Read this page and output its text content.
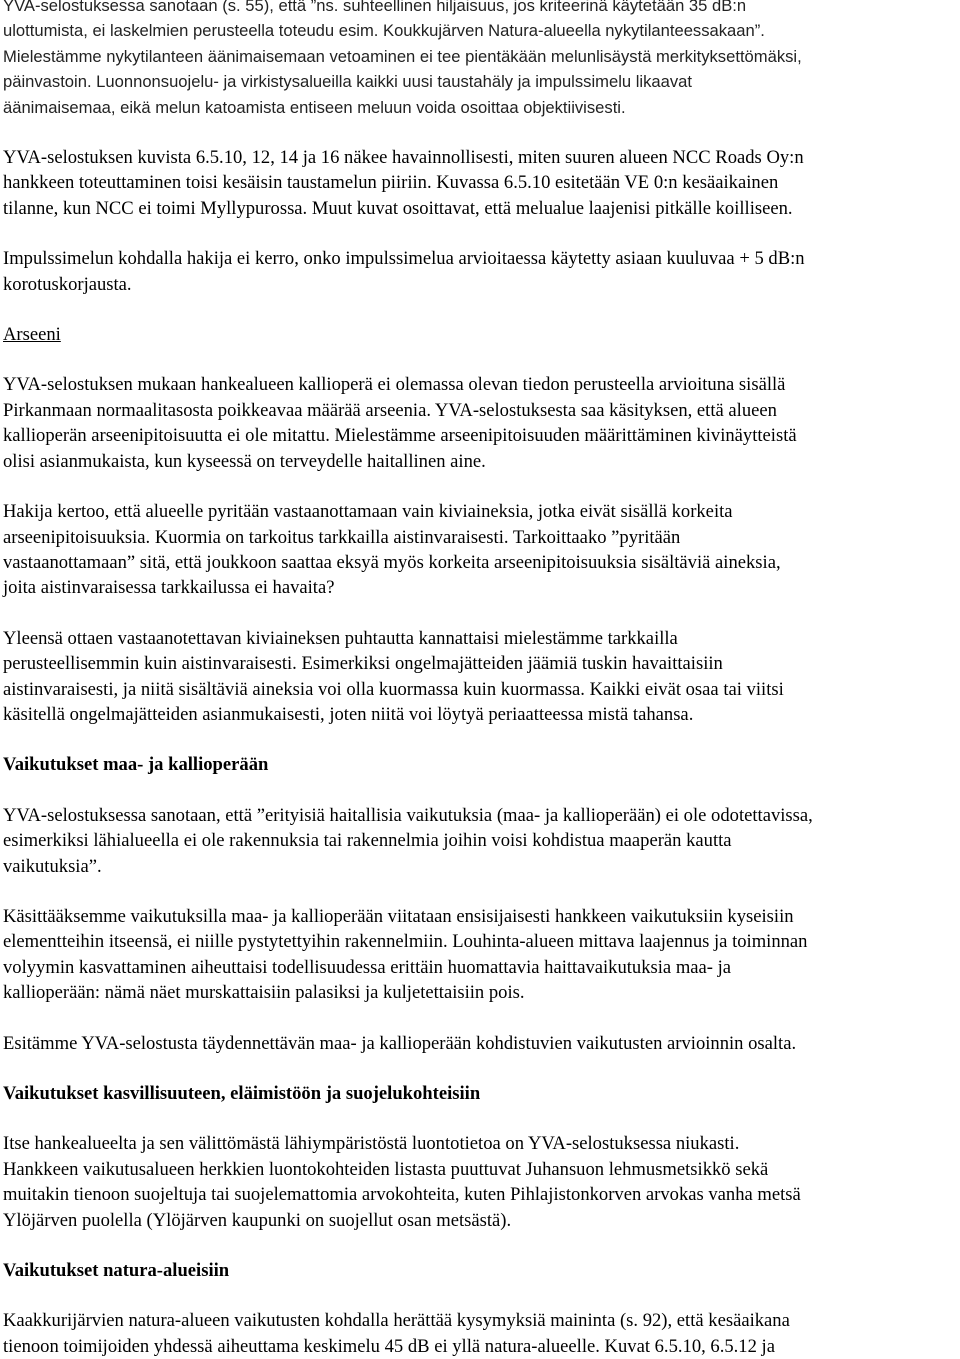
YVA-selostuksessa sanotaan (s. 55), että ”ns. suhteellinen hiljaisuus, jos kriteerinä käytetään 35 dB:n
ulottumista, ei laskelmien perusteella toteudu esim. Koukkujärven Natura-alueella nykytilanteessakaan”.
Mielestämme nykytilanteen äänimaisemaan vetoaminen ei tee pientäkään melunlisäystä merkityksettömäksi,
päinvastoin. Luonnonsuojelu- ja virkistysalueilla kaikki uusi taustahäly ja impulssimelu likaavat
äänimaisemaa, eikä melun katoamista entiseen meluun voida osoittaa objektiivisesti.
YVA-selostuksen kuvista 6.5.10, 12, 14 ja 16 näkee havainnollisesti, miten suuren alueen NCC Roads Oy:n
hankkeen toteuttaminen toisi kesäisin taustamelun piiriin. Kuvassa 6.5.10 esitetään VE 0:n kesäaikainen
tilanne, kun NCC ei toimi Myllypurossa. Muut kuvat osoittavat, että melualue laajenisi pitkälle koilliseen.
Impulssimelun kohdalla hakija ei kerro, onko impulssimelua arvioitaessa käytetty asiaan kuuluvaa + 5 dB:n
korotuskorjausta.
Arseeni
YVA-selostuksen mukaan hankealueen kallioperä ei olemassa olevan tiedon perusteella arvioituna sisällä
Pirkanmaan normaalitasosta poikkeavaa määrää arseenia. YVA-selostuksesta saa käsityksen, että alueen
kallioperän arseenipitoisuutta ei ole mitattu. Mielestämme arseenipitoisuuden määrittäminen kivinäytteistä
olisi asianmukaista, kun kyseessä on terveydelle haitallinen aine.
Hakija kertoo, että alueelle pyritään vastaanottamaan vain kiviaineksia, jotka eivät sisällä korkeita
arseenipitoisuuksia. Kuormia on tarkoitus tarkkailla aistinvaraisesti. Tarkoittaako ”pyritään
vastaanottamaan” sitä, että joukkoon saattaa eksyä myös korkeita arseenipitoisuuksia sisältäviä aineksia,
joita aistinvaraisessa tarkkailussa ei havaita?
Yleensä ottaen vastaanotettavan kiviaineksen puhtautta kannattaisi mielestämme tarkkailla
perusteellisemmin kuin aistinvaraisesti. Esimerkiksi ongelmajätteiden jäämiä tuskin havaittaisiin
aistinvaraisesti, ja niitä sisältäviä aineksia voi olla kuormassa kuin kuormassa. Kaikki eivät osaa tai viitsi
käsitellä ongelmajätteiden asianmukaisesti, joten niitä voi löytyä periaatteessa mistä tahansa.
Vaikutukset maa- ja kallioperään
YVA-selostuksessa sanotaan, että ”erityisiä haitallisia vaikutuksia (maa- ja kallioperään) ei ole odotettavissa,
esimerkiksi lähialueella ei ole rakennuksia tai rakennelmia joihin voisi kohdistua maaperän kautta
vaikutuksia”.
Käsittääksemme vaikutuksilla maa- ja kallioperään viitataan ensisijaisesti hankkeen vaikutuksiin kyseisiin
elementteihin itseensä, ei niille pystytettyihin rakennelmiin. Louhinta-alueen mittava laajennus ja toiminnan
volyymin kasvattaminen aiheuttaisi todellisuudessa erittäin huomattavia haittavaikutuksia maa- ja
kallioperään: nämä näet murskattaisiin palasiksi ja kuljetettaisiin pois.
Esitämme YVA-selostusta täydennettävän maa- ja kallioperään kohdistuvien vaikutusten arvioinnin osalta.
Vaikutukset kasvillisuuteen, eläimistöön ja suojelukohteisiin
Itse hankealueelta ja sen välittömästä lähiympäristöstä luontotietoa on YVA-selostuksessa niukasti.
Hankkeen vaikutusalueen herkkien luontokohteiden listasta puuttuvat Juhansuon lehmusmetsikkö sekä
muitakin tienoon suojeltuja tai suojelemattomia arvokohteita, kuten Pihlajistonkorven arvokas vanha metsä
Ylöjärven puolella (Ylöjärven kaupunki on suojellut osan metsästä).
Vaikutukset natura-alueisiin
Kaakkurijärvien natura-alueen vaikutusten kohdalla herättää kysymyksiä maininta (s. 92), että kesäaikana
tienoon toimijoiden yhdessä aiheuttama keskimelu 45 dB ei yllä natura-alueelle. Kuvat 6.5.10, 6.5.12 ja
